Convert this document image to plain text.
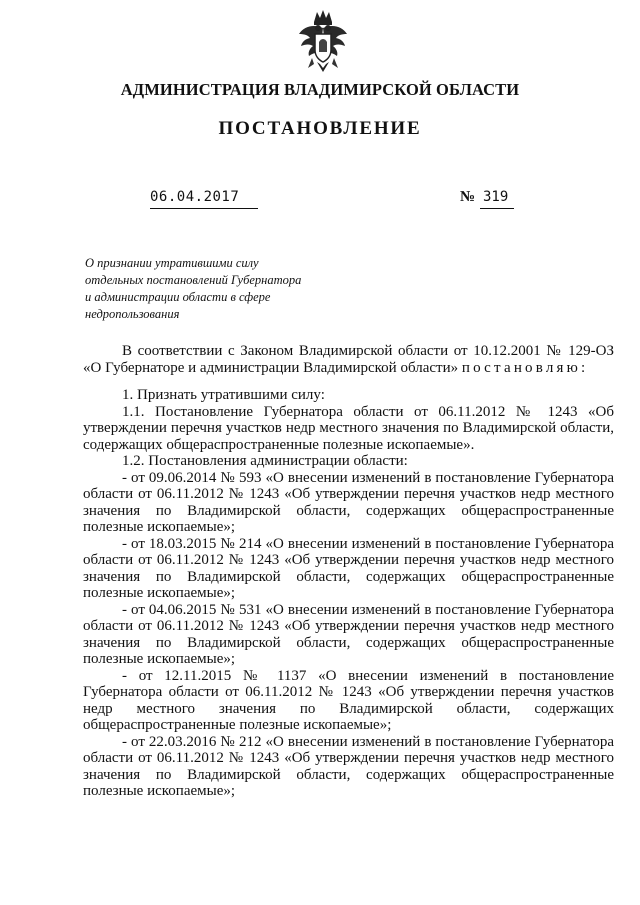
АДМИНИСТРАЦИЯ ВЛАДИМИРСКОЙ ОБЛАСТИ
ПОСТАНОВЛЕНИЕ
06.04.2017	№ 319
О признании утратившими силу
отдельных постановлений Губернатора
и администрации области в сфере
недропользования

В соответствии с Законом Владимирской области от 10.12.2001 № 129-ОЗ «О Губернаторе и администрации Владимирской области» постановляю:

1. Признать утратившими силу:

1.1. Постановление Губернатора области от 06.11.2012 № 1243 «Об утверждении перечня участков недр местного значения по Владимирской области, содержащих общераспространенные полезные ископаемые».

1.2. Постановления администрации области:

- от 09.06.2014 № 593 «О внесении изменений в постановление Губернатора области от 06.11.2012 № 1243 «Об утверждении перечня участков недр местного значения по Владимирской области, содержащих общераспространенные полезные ископаемые»;

- от 18.03.2015 № 214 «О внесении изменений в постановление Губернатора области от 06.11.2012 № 1243 «Об утверждении перечня участков недр местного значения по Владимирской области, содержащих общераспространенные полезные ископаемые»;

- от 04.06.2015 № 531 «О внесении изменений в постановление Губернатора области от 06.11.2012 № 1243 «Об утверждении перечня участков недр местного значения по Владимирской области, содержащих общераспространенные полезные ископаемые»;

- от 12.11.2015 № 1137 «О внесении изменений в постановление Губернатора области от 06.11.2012 № 1243 «Об утверждении перечня участков недр местного значения по Владимирской области, содержащих общераспространенные полезные ископаемые»;

- от 22.03.2016 № 212 «О внесении изменений в постановление Губернатора области от 06.11.2012 № 1243 «Об утверждении перечня участков недр местного значения по Владимирской области, содержащих общераспространенные полезные ископаемые»;
